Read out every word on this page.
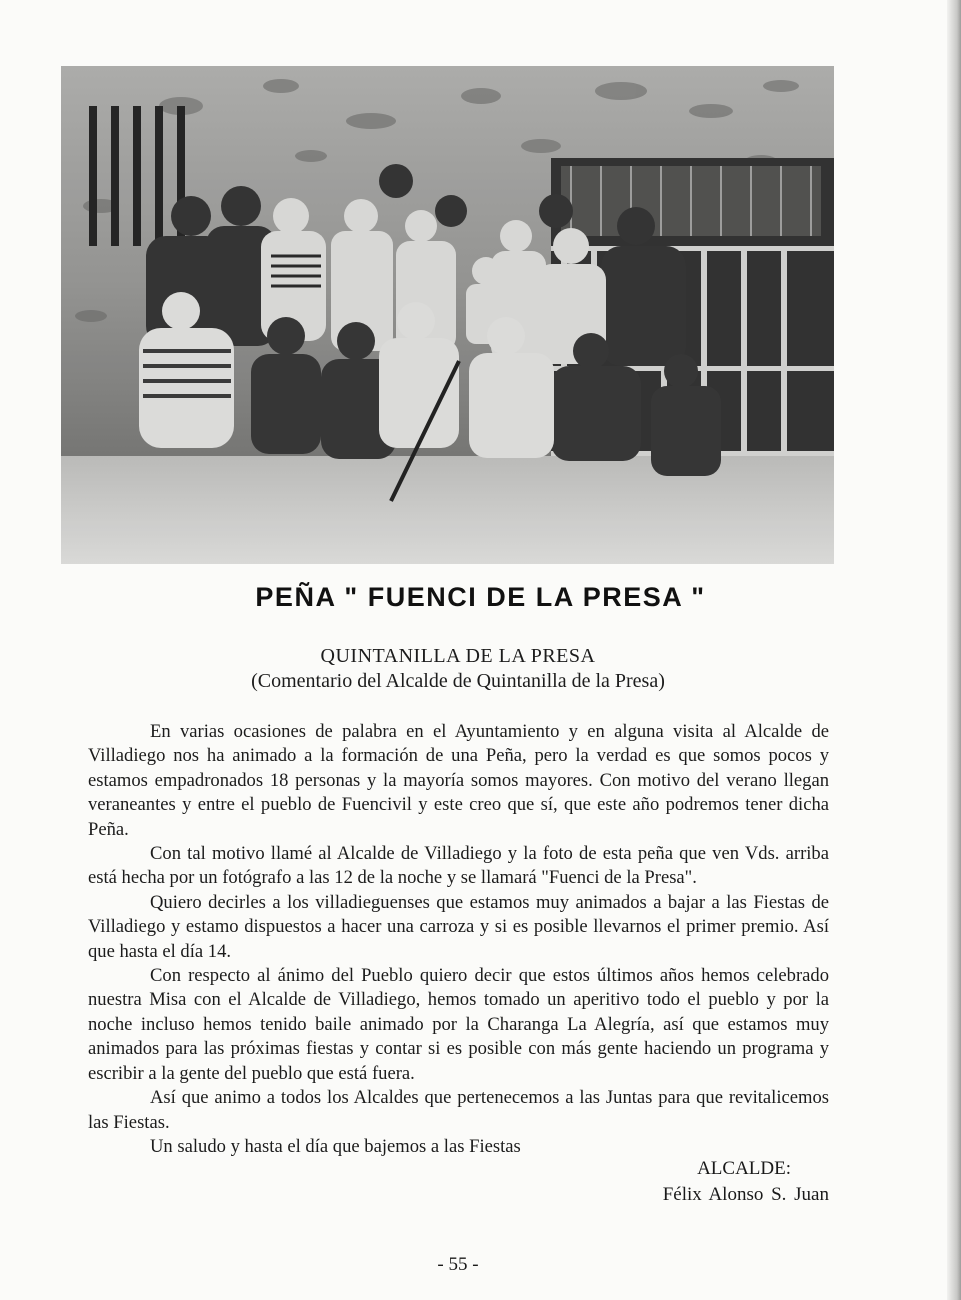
PEÑA " FUENCI DE LA PRESA "
QUINTANILLA DE LA PRESA
(Comentario del Alcalde de Quintanilla de la Presa)

En varias ocasiones de palabra en el Ayuntamiento y en alguna visita al Alcalde de Villadiego nos ha animado a la formación de una Peña, pero la verdad es que somos pocos y estamos empadronados 18 personas y la mayoría somos mayores. Con motivo del verano llegan veraneantes y entre el pueblo de Fuencivil y este creo que sí, que este año podremos tener dicha Peña.

Con tal motivo llamé al Alcalde de Villadiego y la foto de esta peña que ven Vds. arriba está hecha por un fotógrafo a las 12 de la noche y se llamará "Fuenci de la Presa".

Quiero decirles a los villadieguenses que estamos muy animados a bajar a las Fiestas de Villadiego y estamo dispuestos a hacer una carroza y si es posible llevarnos el primer premio. Así que hasta el día 14.

Con respecto al ánimo del Pueblo quiero decir que estos últimos años hemos celebrado nuestra Misa con el Alcalde de Villadiego, hemos tomado un aperitivo todo el pueblo y por la noche incluso hemos tenido baile animado por la Charanga La Alegría, así que estamos muy animados para las próximas fiestas y contar si es posible con más gente haciendo un programa y escribir a la gente del pueblo que está fuera.

Así que animo a todos los Alcaldes que pertenecemos a las Juntas para que revitalicemos las Fiestas.

Un saludo y hasta el día que bajemos a las Fiestas

ALCALDE:
Félix Alonso S. Juan
- 55 -
